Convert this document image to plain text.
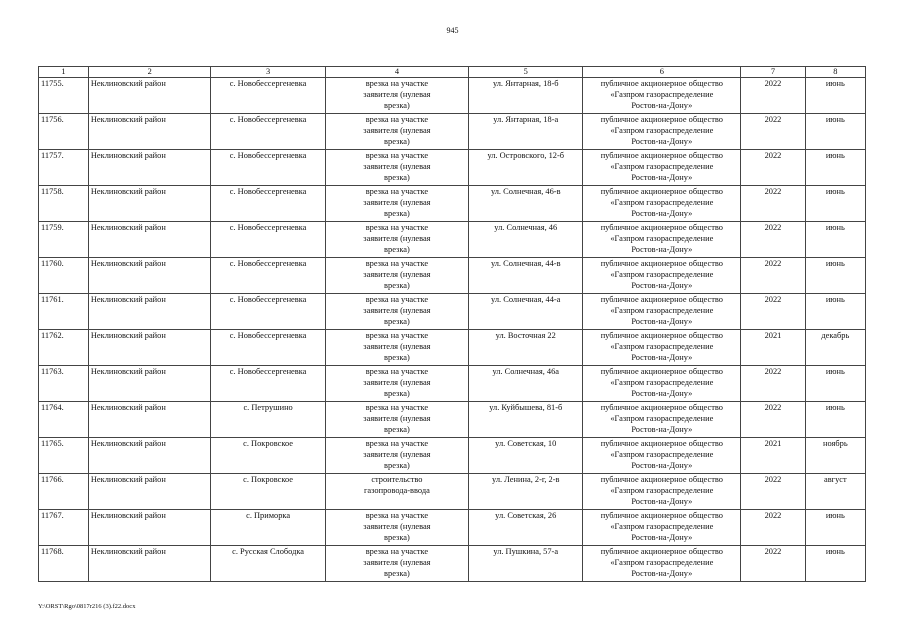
945
1	2	3	4	5	6	7	8
11755.	Неклиновский район	с. Новобессергеневка	врезка на участке
заявителя (нулевая
врезка)	ул. Янтарная, 18-б	публичное акционерное общество
«Газпром газораспределение
Ростов-на-Дону»	2022	июнь
11756.	Неклиновский район	с. Новобессергеневка	врезка на участке
заявителя (нулевая
врезка)	ул. Янтарная, 18-а	публичное акционерное общество
«Газпром газораспределение
Ростов-на-Дону»	2022	июнь
11757.	Неклиновский район	с. Новобессергеневка	врезка на участке
заявителя (нулевая
врезка)	ул. Островского, 12-б	публичное акционерное общество
«Газпром газораспределение
Ростов-на-Дону»	2022	июнь
11758.	Неклиновский район	с. Новобессергеневка	врезка на участке
заявителя (нулевая
врезка)	ул. Солнечная, 46-в	публичное акционерное общество
«Газпром газораспределение
Ростов-на-Дону»	2022	июнь
11759.	Неклиновский район	с. Новобессергеневка	врезка на участке
заявителя (нулевая
врезка)	ул. Солнечная, 46	публичное акционерное общество
«Газпром газораспределение
Ростов-на-Дону»	2022	июнь
11760.	Неклиновский район	с. Новобессергеневка	врезка на участке
заявителя (нулевая
врезка)	ул. Солнечная, 44-в	публичное акционерное общество
«Газпром газораспределение
Ростов-на-Дону»	2022	июнь
11761.	Неклиновский район	с. Новобессергеневка	врезка на участке
заявителя (нулевая
врезка)	ул. Солнечная, 44-а	публичное акционерное общество
«Газпром газораспределение
Ростов-на-Дону»	2022	июнь
11762.	Неклиновский район	с. Новобессергеневка	врезка на участке
заявителя (нулевая
врезка)	ул. Восточная 22	публичное акционерное общество
«Газпром газораспределение
Ростов-на-Дону»	2021	декабрь
11763.	Неклиновский район	с. Новобессергеневка	врезка на участке
заявителя (нулевая
врезка)	ул. Солнечная, 46а	публичное акционерное общество
«Газпром газораспределение
Ростов-на-Дону»	2022	июнь
11764.	Неклиновский район	с. Петрушино	врезка на участке
заявителя (нулевая
врезка)	ул. Куйбышева, 81-б	публичное акционерное общество
«Газпром газораспределение
Ростов-на-Дону»	2022	июнь
11765.	Неклиновский район	с. Покровское	врезка на участке
заявителя (нулевая
врезка)	ул. Советская, 10	публичное акционерное общество
«Газпром газораспределение
Ростов-на-Дону»	2021	ноябрь
11766.	Неклиновский район	с. Покровское	строительство
газопровода-ввода	ул. Ленина, 2-г, 2-в	публичное акционерное общество
«Газпром газораспределение
Ростов-на-Дону»	2022	август
11767.	Неклиновский район	с. Приморка	врезка на участке
заявителя (нулевая
врезка)	ул. Советская, 26	публичное акционерное общество
«Газпром газораспределение
Ростов-на-Дону»	2022	июнь
11768.	Неклиновский район	с. Русская Слободка	врезка на участке
заявителя (нулевая
врезка)	ул. Пушкина, 57-а	публичное акционерное общество
«Газпром газораспределение
Ростов-на-Дону»	2022	июнь
Y:\ORST\Rgo\0817r216 (3).f22.docx
